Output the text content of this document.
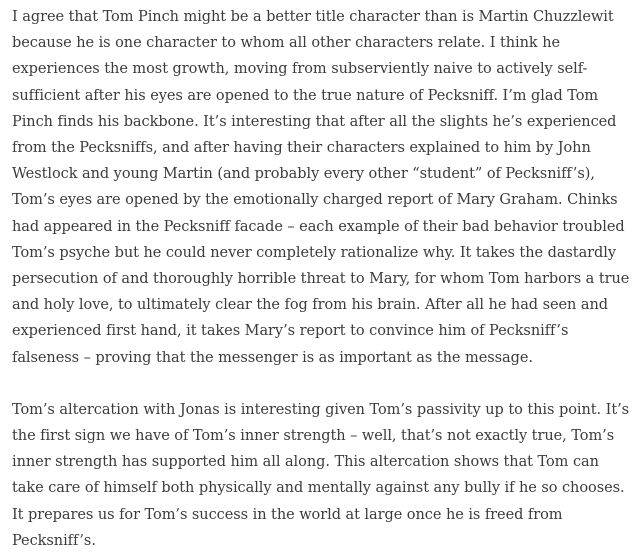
I agree that Tom Pinch might be a better title character than is Martin Chuzzlewit because he is one character to whom all other characters relate. I think he experiences the most growth, moving from subserviently naive to actively self-sufficient after his eyes are opened to the true nature of Pecksniff. I’m glad Tom Pinch finds his backbone. It’s interesting that after all the slights he’s experienced from the Pecksniffs, and after having their characters explained to him by John Westlock and young Martin (and probably every other “student” of Pecksniff’s), Tom’s eyes are opened by the emotionally charged report of Mary Graham. Chinks had appeared in the Pecksniff facade – each example of their bad behavior troubled Tom’s psyche but he could never completely rationalize why. It takes the dastardly persecution of and thoroughly horrible threat to Mary, for whom Tom harbors a true and holy love, to ultimately clear the fog from his brain. After all he had seen and experienced first hand, it takes Mary’s report to convince him of Pecksniff’s falseness – proving that the messenger is as important as the message.

Tom’s altercation with Jonas is interesting given Tom’s passivity up to this point. It’s the first sign we have of Tom’s inner strength – well, that’s not exactly true, Tom’s inner strength has supported him all along. This altercation shows that Tom can take care of himself both physically and mentally against any bully if he so chooses. It prepares us for Tom’s success in the world at large once he is freed from Pecksniff’s.
